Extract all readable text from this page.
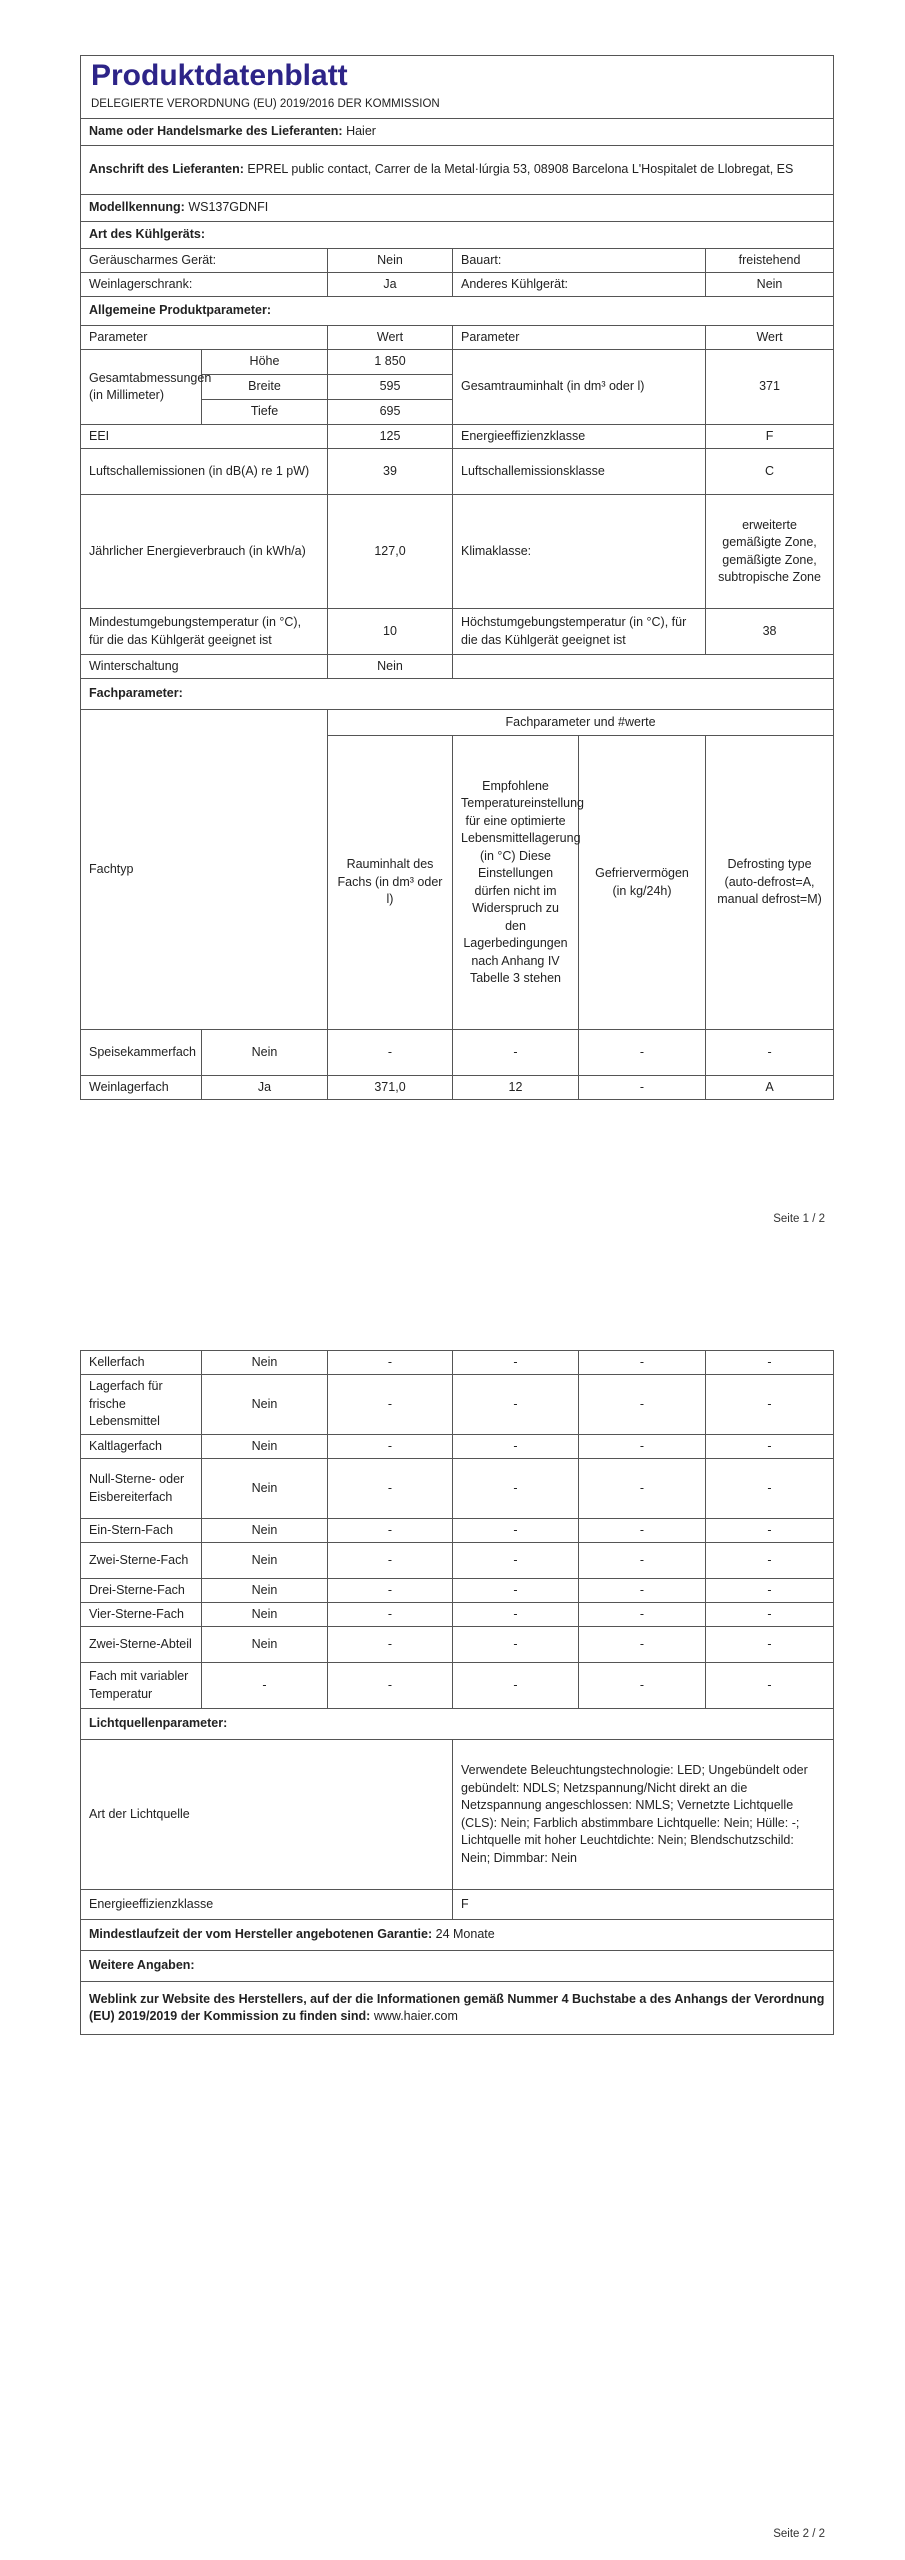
Produktdatenblatt					
DELEGIERTE VERORDNUNG (EU) 2019/2016 DER KOMMISSION					
Name oder Handelsmarke des Lieferanten: Haier					
Anschrift des Lieferanten: EPREL public contact, Carrer de la Metal·lúrgia 53, 08908 Barcelona L'Hospitalet de Llobregat, ES					
Modellkennung: WS137GDNFI					
Art des Kühlgeräts:					
Geräuscharmes Gerät:		Nein	Bauart:		freistehend
Weinlagerschrank:		Ja	Anderes Kühlgerät:		Nein
Allgemeine Produktparameter:					
Parameter		Wert	Parameter		Wert
Gesamtabmessungen (in Millimeter)	Höhe	1 850	Gesamtrauminhalt (in dm³ oder l)		371
	Breite	595			
	Tiefe	695			
EEI		125	Energieeffizienzklasse		F
Luftschallemissionen (in dB(A) re 1 pW)		39	Luftschallemissionsklasse		C
Jährlicher Energieverbrauch (in kWh/a)		127,0	Klimaklasse:		erweiterte gemäßigte Zone, gemäßigte Zone, subtropische Zone
Mindestumgebungstemperatur (in °C), für die das Kühlgerät geeignet ist		10	Höchstumgebungstemperatur (in °C), für die das Kühlgerät geeignet ist		38
Winterschaltung		Nein			
Fachparameter:					
Fachtyp		Fachparameter und #werte			
		Rauminhalt des Fachs (in dm³ oder l)	Empfohlene Temperatureinstellung für eine optimierte Lebensmittellagerung (in °C) Diese Einstellungen dürfen nicht im Widerspruch zu den Lagerbedingungen nach Anhang IV Tabelle 3 stehen	Gefriervermögen (in kg/24h)	Defrosting type (auto-defrost=A, manual defrost=M)
Speisekammerfach	Nein	-	-	-	-
Weinlagerfach	Ja	371,0	12	-	A
Seite 1 / 2
Kellerfach	Nein	-	-	-	-
Lagerfach für frische Lebensmittel	Nein	-	-	-	-
Kaltlagerfach	Nein	-	-	-	-
Null-Sterne- oder Eisbereiterfach	Nein	-	-	-	-
Ein-Stern-Fach	Nein	-	-	-	-
Zwei-Sterne-Fach	Nein	-	-	-	-
Drei-Sterne-Fach	Nein	-	-	-	-
Vier-Sterne-Fach	Nein	-	-	-	-
Zwei-Sterne-Abteil	Nein	-	-	-	-
Fach mit variabler Temperatur	-	-	-	-	-
Lichtquellenparameter:					
Art der Lichtquelle			Verwendete Beleuchtungstechnologie: LED; Ungebündelt oder gebündelt: NDLS; Netzspannung/Nicht direkt an die Netzspannung angeschlossen: NMLS; Vernetzte Lichtquelle (CLS): Nein; Farblich abstimmbare Lichtquelle: Nein; Hülle: -; Lichtquelle mit hoher Leuchtdichte: Nein; Blendschutzschild: Nein; Dimmbar: Nein		
Energieeffizienzklasse			F		
Mindestlaufzeit der vom Hersteller angebotenen Garantie: 24 Monate					
Weitere Angaben:					
Weblink zur Website des Herstellers, auf der die Informationen gemäß Nummer 4 Buchstabe a des Anhangs der Verordnung (EU) 2019/2019 der Kommission zu finden sind: www.haier.com					
Seite 2 / 2
